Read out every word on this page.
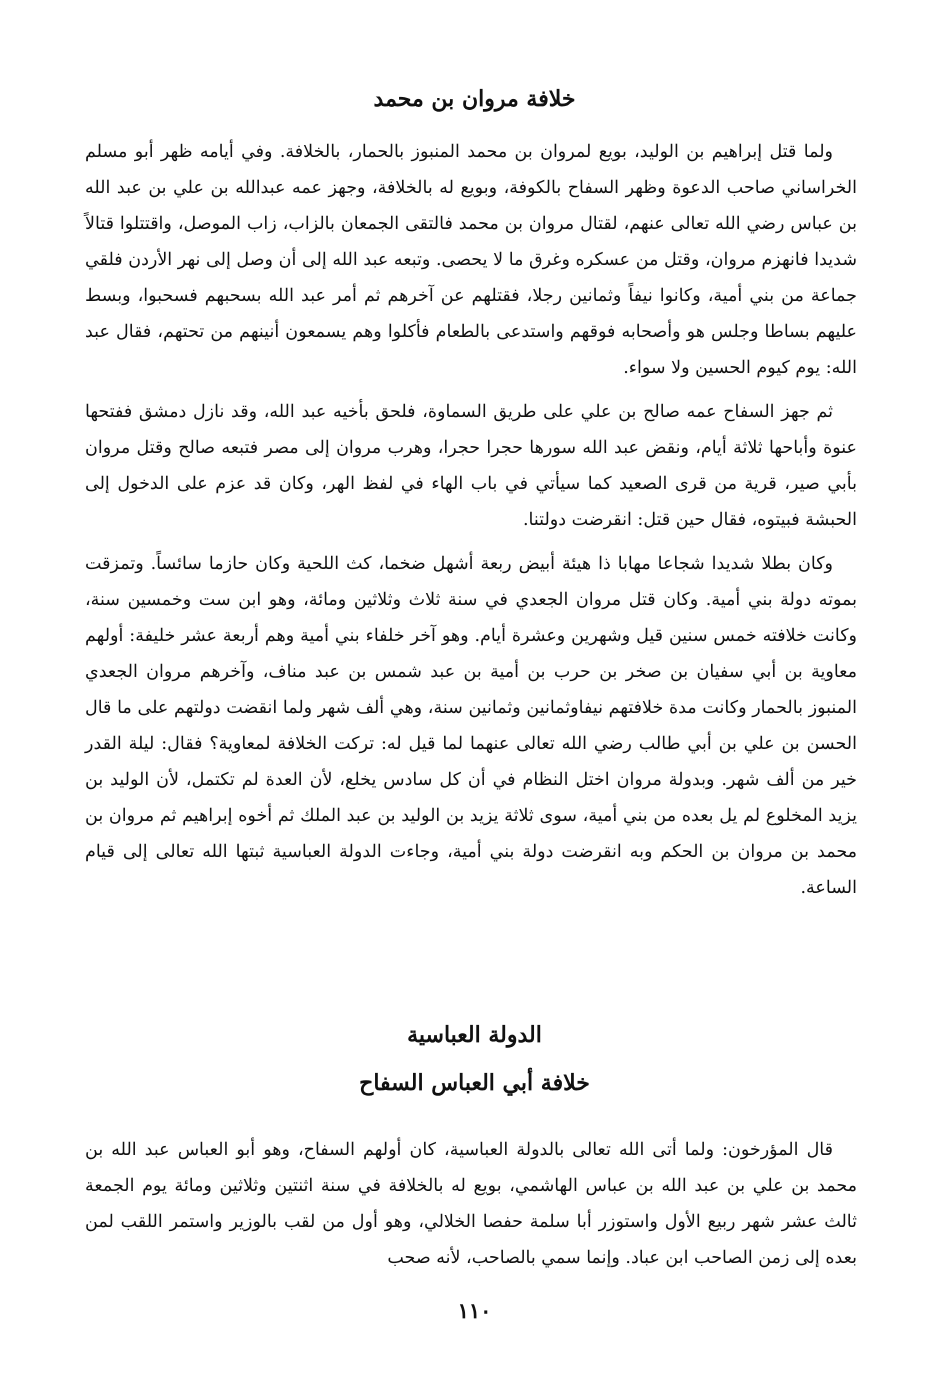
خلافة مروان بن محمد

ولما قتل إبراهيم بن الوليد، بويع لمروان بن محمد المنبوز بالحمار، بالخلافة. وفي أيامه ظهر أبو مسلم الخراساني صاحب الدعوة وظهر السفاح بالكوفة، وبويع له بالخلافة، وجهز عمه عبدالله بن علي بن عبد الله بن عباس رضي الله تعالى عنهم، لقتال مروان بن محمد فالتقى الجمعان بالزاب، زاب الموصل، واقتتلوا قتالاً شديدا فانهزم مروان، وقتل من عسكره وغرق ما لا يحصى. وتبعه عبد الله إلى أن وصل إلى نهر الأردن فلقي جماعة من بني أمية، وكانوا نيفاً وثمانين رجلا، فقتلهم عن آخرهم ثم أمر عبد الله بسحبهم فسحبوا، وبسط عليهم بساطا وجلس هو وأصحابه فوقهم واستدعى بالطعام فأكلوا وهم يسمعون أنينهم من تحتهم، فقال عبد الله: يوم كيوم الحسين ولا سواء.

ثم جهز السفاح عمه صالح بن علي على طريق السماوة، فلحق بأخيه عبد الله، وقد نازل دمشق ففتحها عنوة وأباحها ثلاثة أيام، ونقض عبد الله سورها حجرا حجرا، وهرب مروان إلى مصر فتبعه صالح وقتل مروان بأبي صير، قرية من قرى الصعيد كما سيأتي في باب الهاء في لفظ الهر، وكان قد عزم على الدخول إلى الحبشة فبيتوه، فقال حين قتل: انقرضت دولتنا.

وكان بطلا شديدا شجاعا مهابا ذا هيئة أبيض ربعة أشهل ضخما، كث اللحية وكان حازما سائساً. وتمزقت بموته دولة بني أمية. وكان قتل مروان الجعدي في سنة ثلاث وثلاثين ومائة، وهو ابن ست وخمسين سنة، وكانت خلافته خمس سنين قيل وشهرين وعشرة أيام. وهو آخر خلفاء بني أمية وهم أربعة عشر خليفة: أولهم معاوية بن أبي سفيان بن صخر بن حرب بن أمية بن عبد شمس بن عبد مناف، وآخرهم مروان الجعدي المنبوز بالحمار وكانت مدة خلافتهم نيفاوثمانين وثمانين سنة، وهي ألف شهر ولما انقضت دولتهم على ما قال الحسن بن علي بن أبي طالب رضي الله تعالى عنهما لما قيل له: تركت الخلافة لمعاوية؟ فقال: ليلة القدر خير من ألف شهر. وبدولة مروان اختل النظام في أن كل سادس يخلع، لأن العدة لم تكتمل، لأن الوليد بن يزيد المخلوع لم يل بعده من بني أمية، سوى ثلاثة يزيد بن الوليد بن عبد الملك ثم أخوه إبراهيم ثم مروان بن محمد بن مروان بن الحكم وبه انقرضت دولة بني أمية، وجاءت الدولة العباسية ثبتها الله تعالى إلى قيام الساعة.

الدولة العباسية
خلافة أبي العباس السفاح

قال المؤرخون: ولما أتى الله تعالى بالدولة العباسية، كان أولهم السفاح، وهو أبو العباس عبد الله بن محمد بن علي بن عبد الله بن عباس الهاشمي، بويع له بالخلافة في سنة اثنتين وثلاثين ومائة يوم الجمعة ثالث عشر شهر ربيع الأول واستوزر أبا سلمة حفصا الخلالي، وهو أول من لقب بالوزير واستمر اللقب لمن بعده إلى زمن الصاحب ابن عباد. وإنما سمي بالصاحب، لأنه صحب

١١٠
